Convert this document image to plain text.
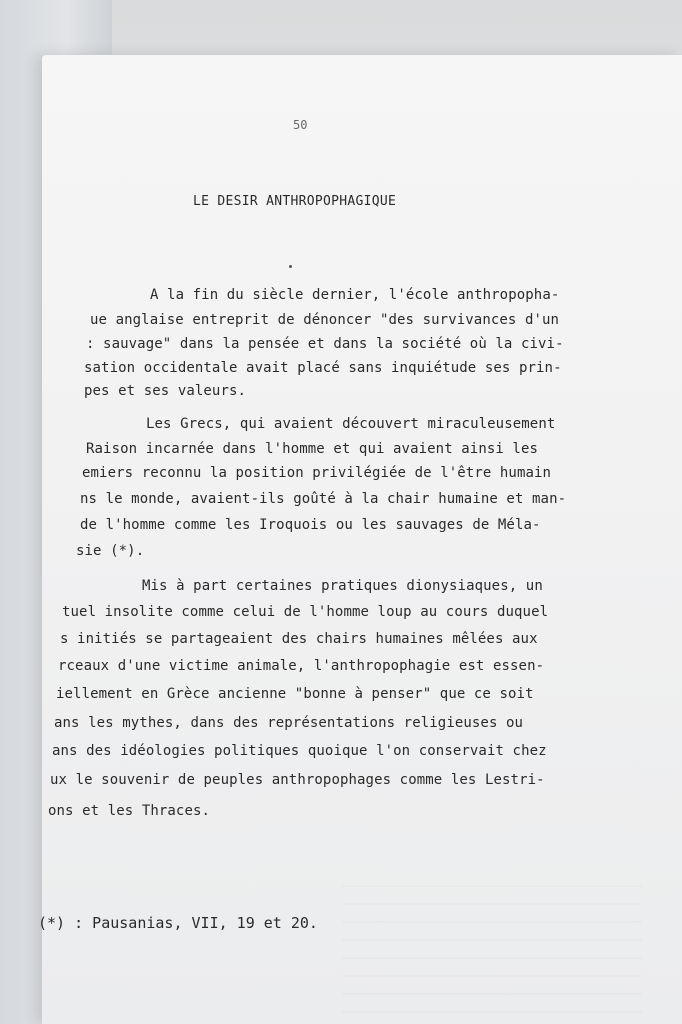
50
LE DESIR ANTHROPOPHAGIQUE
A la fin du siècle dernier, l'école anthropopha-
ue anglaise entreprit de dénoncer "des survivances d'un
: sauvage" dans la pensée et dans la société où la civi-
sation occidentale avait placé sans inquiétude ses prin-
pes et ses valeurs.
Les Grecs, qui avaient découvert miraculeusement
Raison incarnée dans l'homme et qui avaient ainsi les
emiers reconnu la position privilégiée de l'être humain
ns le monde, avaient-ils goûté à la chair humaine et man-
de l'homme comme les Iroquois ou les sauvages de Méla-
sie (*).
Mis à part certaines pratiques dionysiaques, un
tuel insolite comme celui de l'homme loup au cours duquel
s initiés se partageaient des chairs humaines mêlées aux
rceaux d'une victime animale, l'anthropophagie est essen-
iellement en Grèce ancienne "bonne à penser" que ce soit
ans les mythes, dans des représentations religieuses ou
ans des idéologies politiques quoique l'on conservait chez
ux le souvenir de peuples anthropophages comme les Lestri-
ons et les Thraces.
(*) : Pausanias, VII, 19 et 20.
